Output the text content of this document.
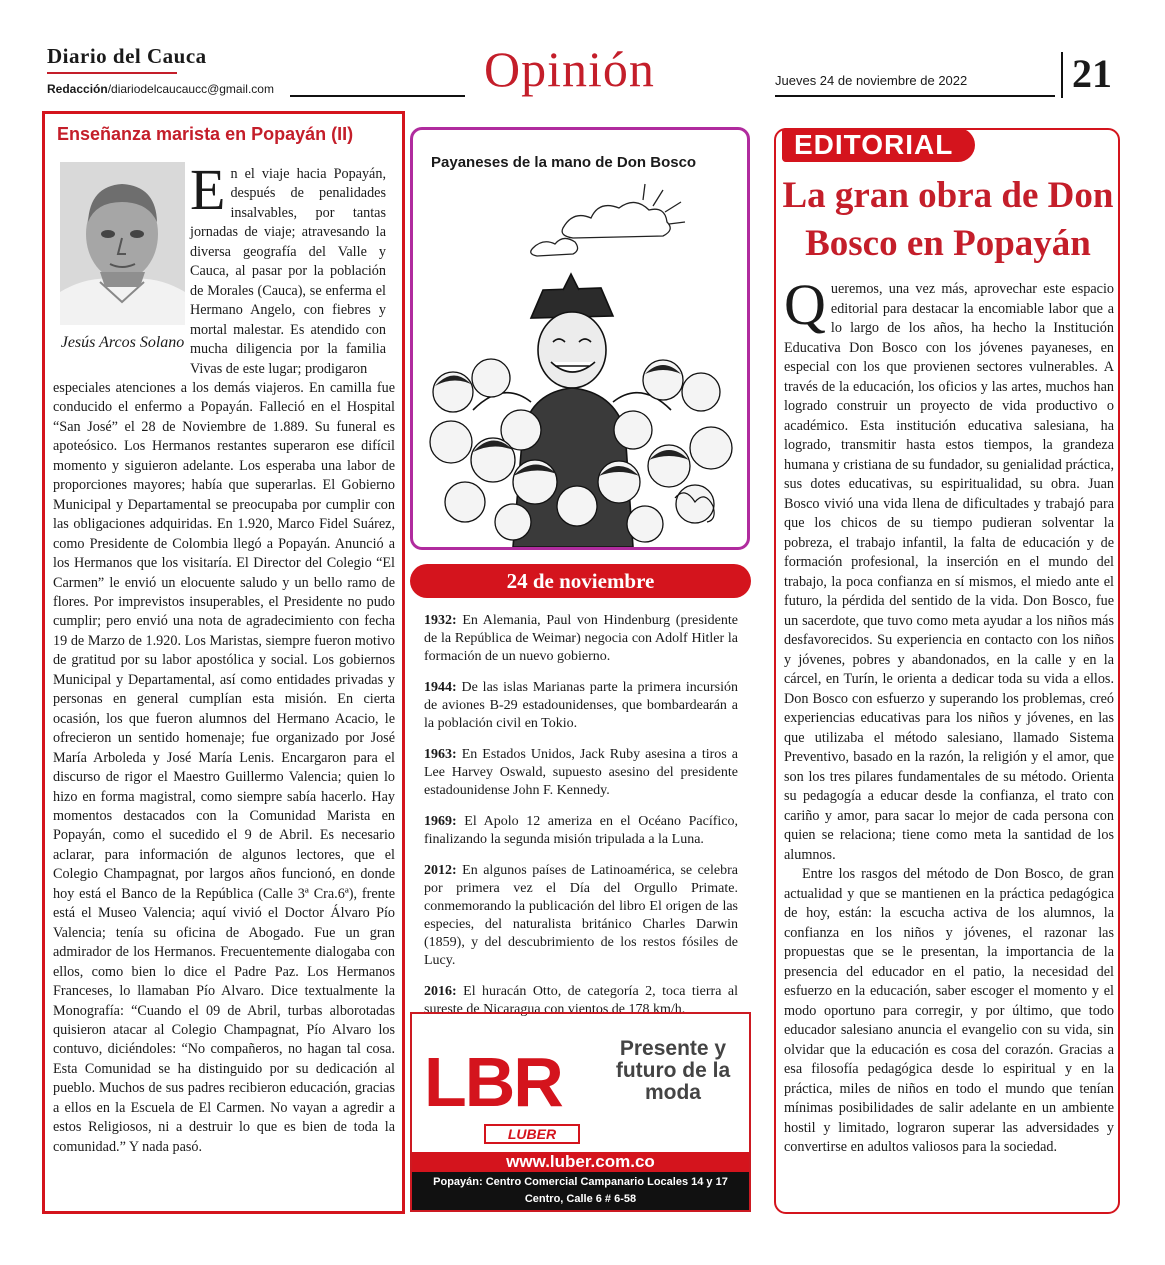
Diario del Cauca
Redacción/diariodelcaucaucc@gmail.com	Opinión	Jueves 24 de noviembre de 2022	21
Enseñanza marista en Popayán (II)
Jesús Arcos Solano
En el viaje hacia Popayán, después de penalidades insalvables, por tantas jornadas de viaje; atravesando la diversa geografía del Valle y Cauca, al pasar por la población de Morales (Cauca), se enferma el Hermano Angelo, con fiebres y mortal malestar. Es atendido con mucha diligencia por la familia Vivas de este lugar; prodigaron
especiales atenciones a los demás viajeros. En camilla fue conducido el enfermo a Popayán. Falleció en el Hospital “San José” el 28 de Noviembre de 1.889. Su funeral es apoteósico. Los Hermanos restantes superaron ese difícil momento y siguieron adelante. Los esperaba una labor de proporciones mayores; había que superarlas. El Gobierno Municipal y Departamental se preocupaba por cumplir con las obligaciones adquiridas. En 1.920, Marco Fidel Suárez, como Presidente de Colombia llegó a Popayán. Anunció a los Hermanos que los visitaría. El Director del Colegio “El Carmen” le envió un elocuente saludo y un bello ramo de flores. Por imprevistos insuperables, el Presidente no pudo cumplir; pero envió una nota de agradecimiento con fecha 19 de Marzo de 1.920. Los Maristas, siempre fueron motivo de gratitud por su labor apostólica y social. Los gobiernos Municipal y Departamental, así como entidades privadas y personas en general cumplían esta misión. En cierta ocasión, los que fueron alumnos del Hermano Acacio, le ofrecieron un sentido homenaje; fue organizado por José María Arboleda y José María Lenis. Encargaron para el discurso de rigor el Maestro Guillermo Valencia; quien lo hizo en forma magistral, como siempre sabía hacerlo. Hay momentos destacados con la Comunidad Marista en Popayán, como el sucedido el 9 de Abril. Es necesario aclarar, para información de algunos lectores, que el Colegio Champagnat, por largos años funcionó, en donde hoy está el Banco de la República (Calle 3ª Cra.6ª), frente está el Museo Valencia; aquí vivió el Doctor Álvaro Pío Valencia; tenía su oficina de Abogado. Fue un gran admirador de los Hermanos. Frecuentemente dialogaba con ellos, como bien lo dice el Padre Paz. Los Hermanos Franceses, lo llamaban Pío Alvaro. Dice textualmente la Monografía: “Cuando el 09 de Abril, turbas alborotadas quisieron atacar al Colegio Champagnat, Pío Alvaro los contuvo, diciéndoles: “No compañeros, no hagan tal cosa. Esta Comunidad se ha distinguido por su dedicación al pueblo. Muchos de sus padres recibieron educación, gracias a ellos en la Escuela de El Carmen. No vayan a agredir a estos Religiosos, ni a destruir lo que es bien de toda la comunidad.” Y nada pasó.
Payaneses de la mano de Don Bosco
24 de noviembre

1932: En Alemania, Paul von Hindenburg (presidente de la República de Weimar) negocia con Adolf Hitler la formación de un nuevo gobierno.

1944: De las islas Marianas parte la primera incursión de aviones B-29 estadounidenses, que bombardearán a la población civil en Tokio.

1963: En Estados Unidos, Jack Ruby asesina a tiros a Lee Harvey Oswald, supuesto asesino del presidente estadounidense John F. Kennedy.

1969: El Apolo 12 ameriza en el Océano Pacífico, finalizando la segunda misión tripulada a la Luna.

2012: En algunos países de Latinoamérica, se celebra por primera vez el Día del Orgullo Primate. conmemorando la publicación del libro El origen de las especies, del naturalista británico Charles Darwin (1859), y del descubrimiento de los restos fósiles de Lucy.

2016: El huracán Otto, de categoría 2, toca tierra al sureste de Nicaragua con vientos de 178 km/h.

LBR
LUBER
Presente y futuro de la moda
www.luber.com.co
Popayán: Centro Comercial Campanario Locales 14 y 17
Centro, Calle 6 # 6-58
EDITORIAL
La gran obra de Don Bosco en Popayán

Queremos, una vez más, aprovechar este espacio editorial para destacar la encomiable labor que a lo largo de los años, ha hecho la Institución Educativa Don Bosco con los jóvenes payaneses, en especial con los que provienen sectores vulnerables. A través de la educación, los oficios y las artes, muchos han logrado construir un proyecto de vida productivo o académico. Esta institución educativa salesiana, ha logrado, transmitir hasta estos tiempos, la grandeza humana y cristiana de su fundador, su genialidad práctica, sus dotes educativas, su espiritualidad, su obra. Juan Bosco vivió una vida llena de dificultades y trabajó para que los chicos de su tiempo pudieran solventar la pobreza, el trabajo infantil, la falta de educación y de formación profesional, la inserción en el mundo del trabajo, la poca confianza en sí mismos, el miedo ante el futuro, la pérdida del sentido de la vida. Don Bosco, fue un sacerdote, que tuvo como meta ayudar a los niños más desfavorecidos. Su experiencia en contacto con los niños y jóvenes, pobres y abandonados, en la calle y en la cárcel, en Turín, le orienta a dedicar toda su vida a ellos. Don Bosco con esfuerzo y superando los problemas, creó experiencias educativas para los niños y jóvenes, en las que utilizaba el método salesiano, llamado Sistema Preventivo, basado en la razón, la religión y el amor, que son los tres pilares fundamentales de su método. Orienta su pedagogía a educar desde la confianza, el trato con cariño y amor, para sacar lo mejor de cada persona con quien se relaciona; tiene como meta la santidad de los alumnos.

Entre los rasgos del método de Don Bosco, de gran actualidad y que se mantienen en la práctica pedagógica de hoy, están: la escucha activa de los alumnos, la confianza en los niños y jóvenes, el razonar las propuestas que se le presentan, la importancia de la presencia del educador en el patio, la necesidad del esfuerzo en la educación, saber escoger el momento y el modo oportuno para corregir, y por último, que todo educador salesiano anuncia el evangelio con su vida, sin olvidar que la educación es cosa del corazón. Gracias a esa filosofía pedagógica desde lo espiritual y en la práctica, miles de niños en todo el mundo que tenían mínimas posibilidades de salir adelante en un ambiente hostil y limitado, lograron superar las adversidades y convertirse en adultos valiosos para la sociedad.
